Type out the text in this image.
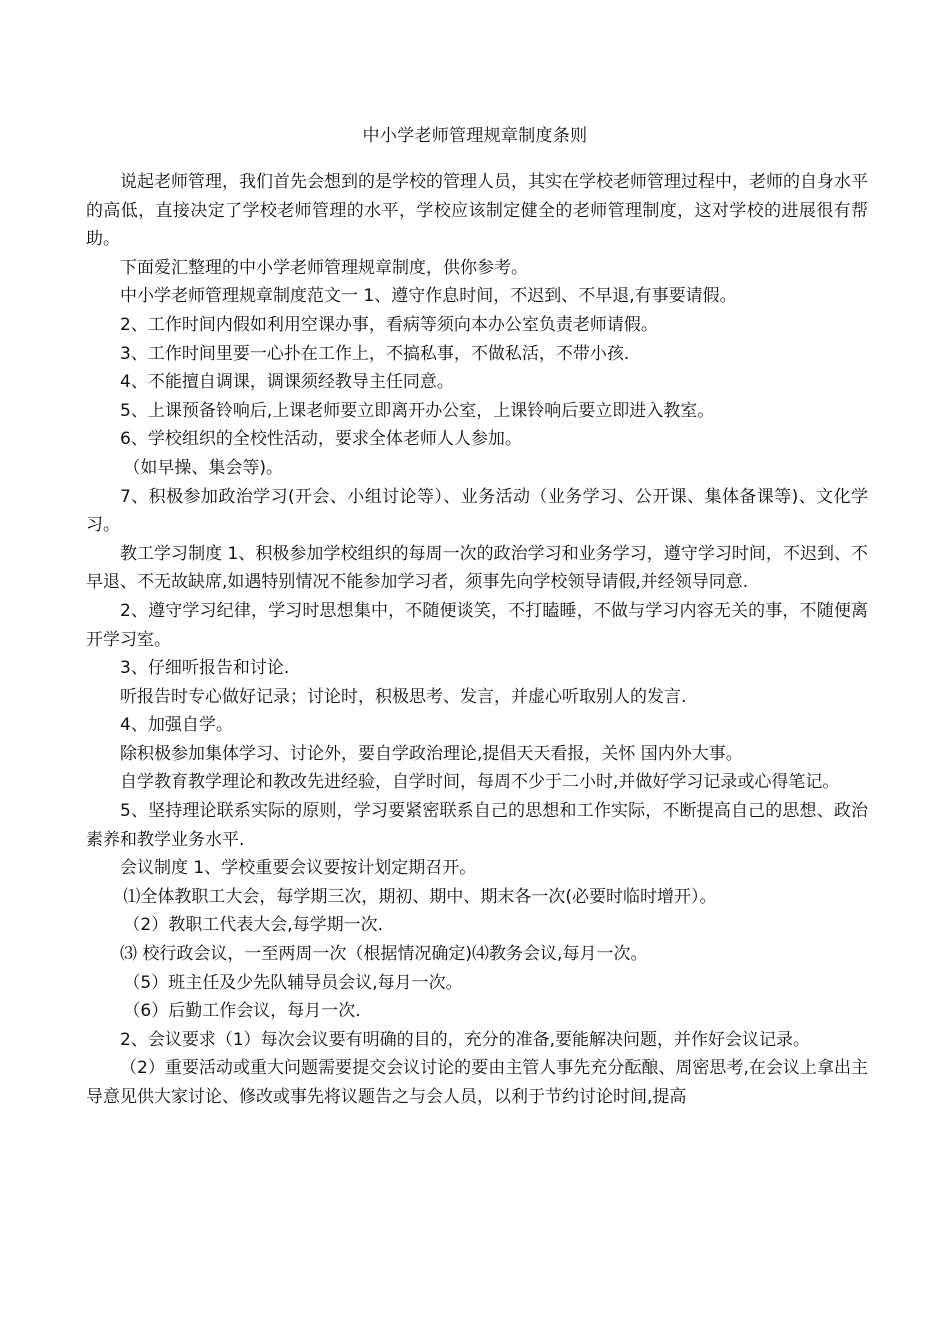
中小学老师管理规章制度条则

说起老师管理，我们首先会想到的是学校的管理人员，其实在学校老师管理过程中，老师的自身水平的高低，直接决定了学校老师管理的水平，学校应该制定健全的老师管理制度，这对学校的进展很有帮助。

下面爱汇整理的中小学老师管理规章制度，供你参考。

中小学老师管理规章制度范文一 1、遵守作息时间，不迟到、不早退,有事要请假。

2、工作时间内假如利用空课办事，看病等须向本办公室负责老师请假。

3、工作时间里要一心扑在工作上，不搞私事，不做私活，不带小孩.

4、不能擅自调课，调课须经教导主任同意。

5、上课预备铃响后,上课老师要立即离开办公室，上课铃响后要立即进入教室。

6、学校组织的全校性活动，要求全体老师人人参加。

（如早操、集会等)。

7、积极参加政治学习(开会、小组讨论等）、业务活动（业务学习、公开课、集体备课等)、文化学习。

教工学习制度 1、积极参加学校组织的每周一次的政治学习和业务学习，遵守学习时间，不迟到、不早退、不无故缺席,如遇特别情况不能参加学习者，须事先向学校领导请假,并经领导同意.

2、遵守学习纪律，学习时思想集中，不随便谈笑，不打瞌睡，不做与学习内容无关的事，不随便离开学习室。

3、仔细听报告和讨论.

听报告时专心做好记录；讨论时，积极思考、发言，并虚心听取别人的发言.

4、加强自学。

除积极参加集体学习、讨论外，要自学政治理论,提倡天天看报，关怀 国内外大事。

自学教育教学理论和教改先进经验，自学时间，每周不少于二小时,并做好学习记录或心得笔记。

5、坚持理论联系实际的原则，学习要紧密联系自己的思想和工作实际，不断提高自己的思想、政治素养和教学业务水平.

会议制度 1、学校重要会议要按计划定期召开。

⑴全体教职工大会，每学期三次，期初、期中、期末各一次(必要时临时增开）。

（2）教职工代表大会,每学期一次.

⑶ 校行政会议，一至两周一次（根据情况确定)⑷教务会议,每月一次。

（5）班主任及少先队辅导员会议,每月一次。

（6）后勤工作会议，每月一次.

2、会议要求（1）每次会议要有明确的目的，充分的准备,要能解决问题，并作好会议记录。

（2）重要活动或重大问题需要提交会议讨论的要由主管人事先充分酝酿、周密思考,在会议上拿出主导意见供大家讨论、修改或事先将议题告之与会人员，以利于节约讨论时间,提高
